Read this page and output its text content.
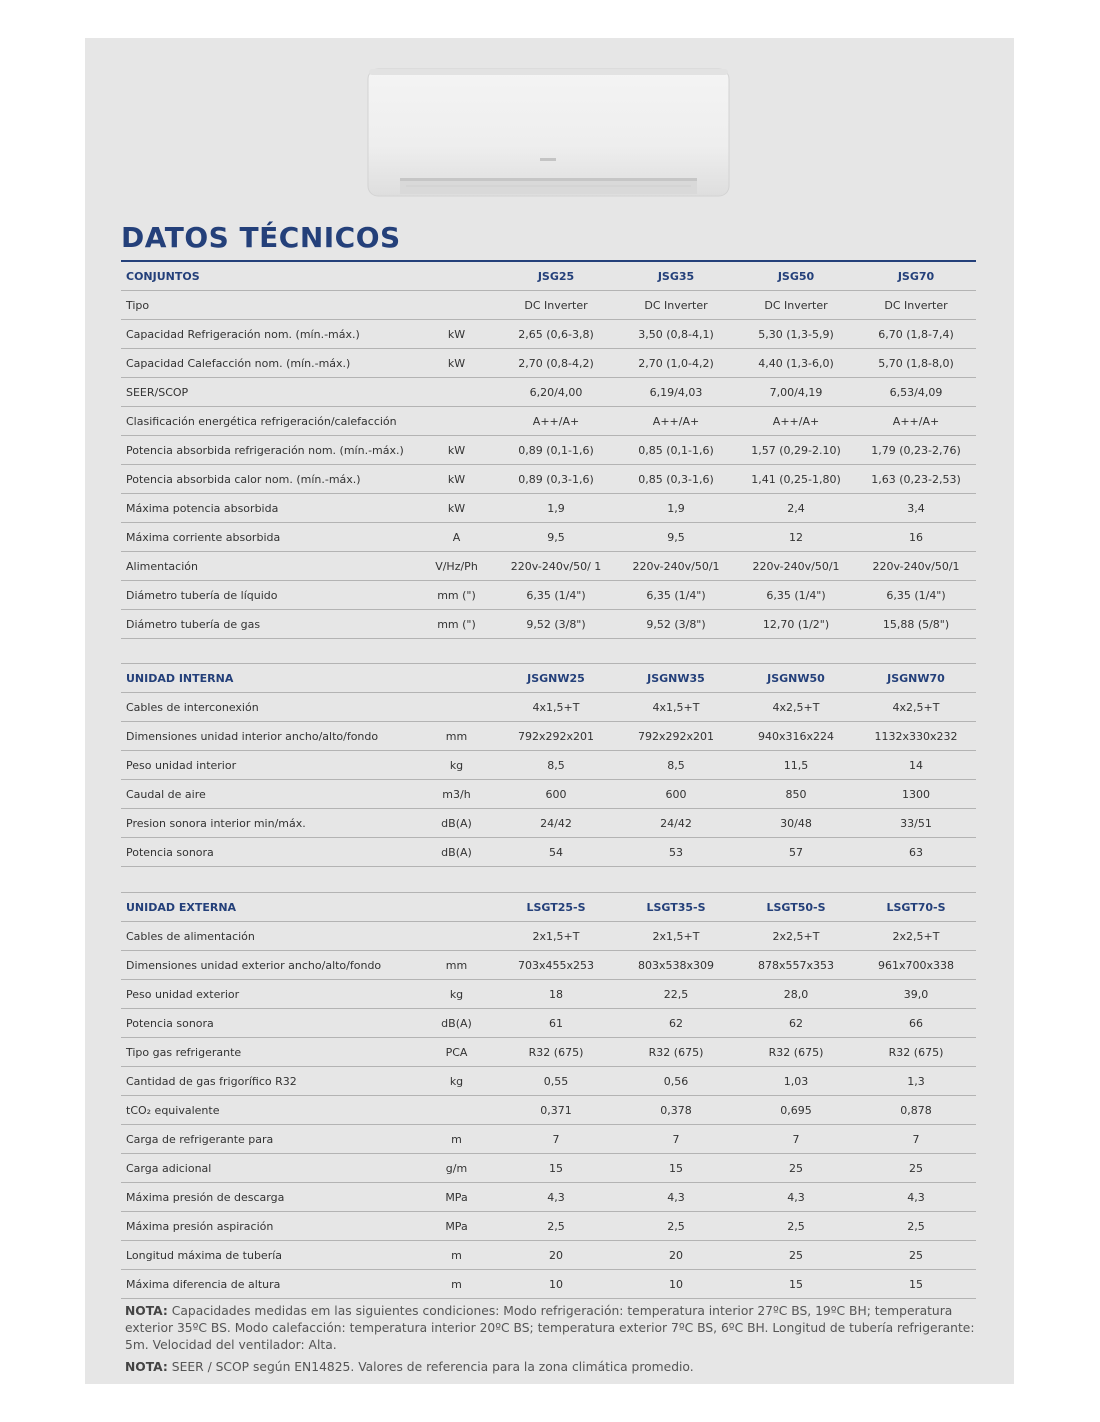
DATOS TÉCNICOS
CONJUNTOS		JSG25	JSG35	JSG50	JSG70
Tipo		DC Inverter	DC Inverter	DC Inverter	DC Inverter
Capacidad Refrigeración nom. (mín.-máx.)	kW	2,65 (0,6-3,8)	3,50 (0,8-4,1)	5,30 (1,3-5,9)	6,70 (1,8-7,4)
Capacidad Calefacción nom. (mín.-máx.)	kW	2,70 (0,8-4,2)	2,70 (1,0-4,2)	4,40 (1,3-6,0)	5,70 (1,8-8,0)
SEER/SCOP		6,20/4,00	6,19/4,03	7,00/4,19	6,53/4,09
Clasificación energética refrigeración/calefacción		A++/A+	A++/A+	A++/A+	A++/A+
Potencia absorbida refrigeración nom. (mín.-máx.)	kW	0,89 (0,1-1,6)	0,85 (0,1-1,6)	1,57 (0,29-2.10)	1,79 (0,23-2,76)
Potencia absorbida calor nom. (mín.-máx.)	kW	0,89 (0,3-1,6)	0,85 (0,3-1,6)	1,41 (0,25-1,80)	1,63 (0,23-2,53)
Máxima potencia absorbida	kW	1,9	1,9	2,4	3,4
Máxima corriente absorbida	A	9,5	9,5	12	16
Alimentación	V/Hz/Ph	220v-240v/50/ 1	220v-240v/50/1	220v-240v/50/1	220v-240v/50/1
Diámetro tubería de líquido	mm (")	6,35 (1/4")	6,35 (1/4")	6,35 (1/4")	6,35 (1/4")
Diámetro tubería de gas	mm (")	9,52 (3/8")	9,52 (3/8")	12,70 (1/2")	15,88 (5/8")
UNIDAD INTERNA		JSGNW25	JSGNW35	JSGNW50	JSGNW70
Cables de interconexión		4x1,5+T	4x1,5+T	4x2,5+T	4x2,5+T
Dimensiones unidad interior ancho/alto/fondo	mm	792x292x201	792x292x201	940x316x224	1132x330x232
Peso unidad interior	kg	8,5	8,5	11,5	14
Caudal de aire	m3/h	600	600	850	1300
Presion sonora interior min/máx.	dB(A)	24/42	24/42	30/48	33/51
Potencia sonora	dB(A)	54	53	57	63
UNIDAD EXTERNA		LSGT25-S	LSGT35-S	LSGT50-S	LSGT70-S
Cables de alimentación		2x1,5+T	2x1,5+T	2x2,5+T	2x2,5+T
Dimensiones unidad exterior ancho/alto/fondo	mm	703x455x253	803x538x309	878x557x353	961x700x338
Peso unidad exterior	kg	18	22,5	28,0	39,0
Potencia sonora	dB(A)	61	62	62	66
Tipo gas refrigerante	PCA	R32 (675)	R32 (675)	R32 (675)	R32 (675)
Cantidad de gas frigorífico R32	kg	0,55	0,56	1,03	1,3
tCO₂ equivalente		0,371	0,378	0,695	0,878
Carga de refrigerante para	m	7	7	7	7
Carga adicional	g/m	15	15	25	25
Máxima presión de descarga	MPa	4,3	4,3	4,3	4,3
Máxima presión aspiración	MPa	2,5	2,5	2,5	2,5
Longitud máxima de tubería	m	20	20	25	25
Máxima diferencia de altura	m	10	10	15	15

NOTA: Capacidades medidas em las siguientes condiciones: Modo refrigeración: temperatura interior 27ºC BS, 19ºC BH; temperatura exterior 35ºC BS. Modo calefacción: temperatura interior 20ºC BS; temperatura exterior 7ºC BS, 6ºC BH. Longitud de tubería refrigerante: 5m. Velocidad del ventilador: Alta.

NOTA: SEER / SCOP según EN14825. Valores de referencia para la zona climática promedio.
